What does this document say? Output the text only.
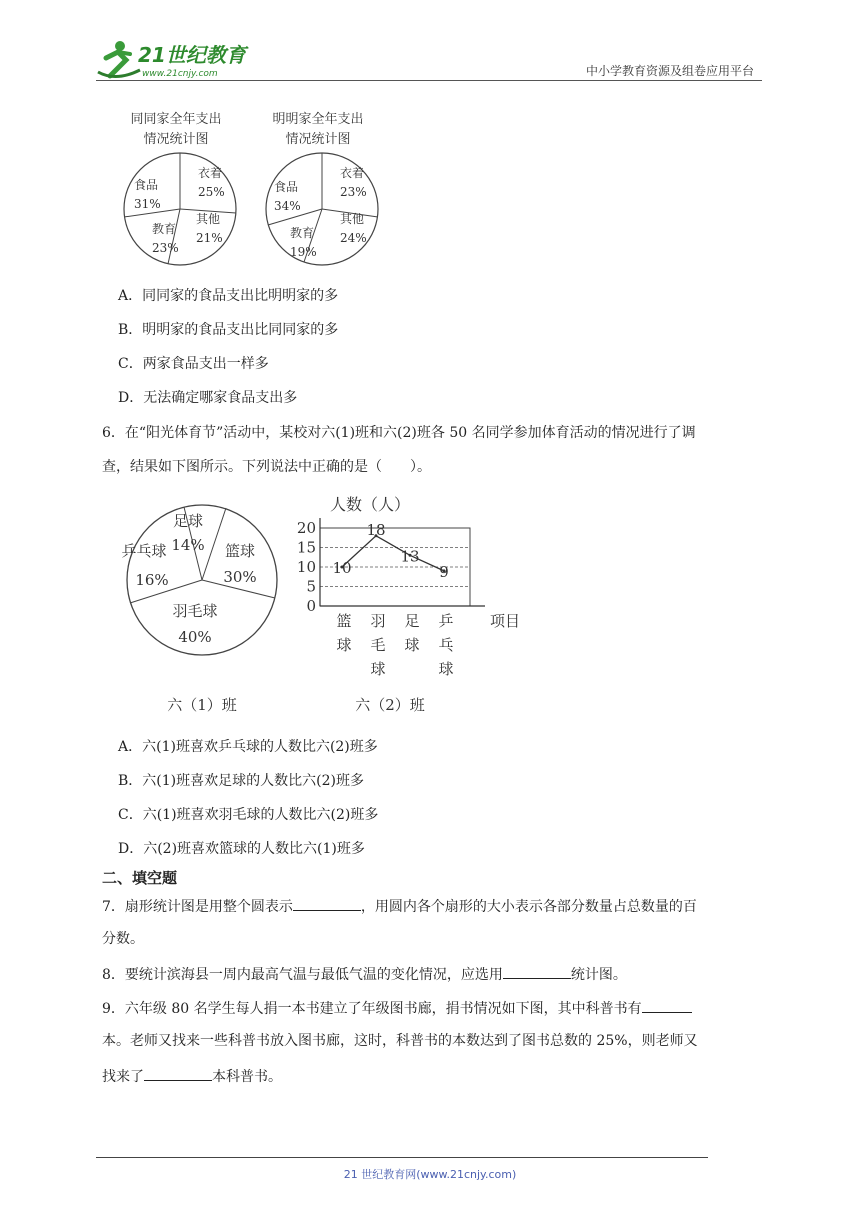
21世纪教育
www.21cnjy.com	中小学教育资源及组卷应用平台
同同家全年支出
情况统计图
衣着
25%
其他
21%
教育
23%
食品
31%
明明家全年支出
情况统计图
衣着
23%
其他
24%
教育
19%
食品
34%
A．同同家的食品支出比明明家的多
B．明明家的食品支出比同同家的多
C．两家食品支出一样多
D．无法确定哪家食品支出多
6．在“阳光体育节”活动中，某校对六(1)班和六(2)班各 50 名同学参加体育活动的情况进行了调
查，结果如下图所示。下列说法中正确的是（　　）。
足球
14% 篮球
30%
羽毛球
40%
乒乓球
16%
六（1）班
人数（人）
0
5
10
15
20
篮球
羽毛球
足球
乒乓球
项目
10
18
13
9
六（2）班
A．六(1)班喜欢乒乓球的人数比六(2)班多
B．六(1)班喜欢足球的人数比六(2)班多
C．六(1)班喜欢羽毛球的人数比六(2)班多
D．六(2)班喜欢篮球的人数比六(1)班多
二、填空题
7．扇形统计图是用整个圆表示	，用圆内各个扇形的大小表示各部分数量占总数量的百
分数。
8．要统计滨海县一周内最高气温与最低气温的变化情况，应选用	统计图。
9．六年级 80 名学生每人捐一本书建立了年级图书廊，捐书情况如下图，其中科普书有
本。老师又找来一些科普书放入图书廊，这时，科普书的本数达到了图书总数的 25%，则老师又
找来了	本科普书。
21 世纪教育网(www.21cnjy.com)
